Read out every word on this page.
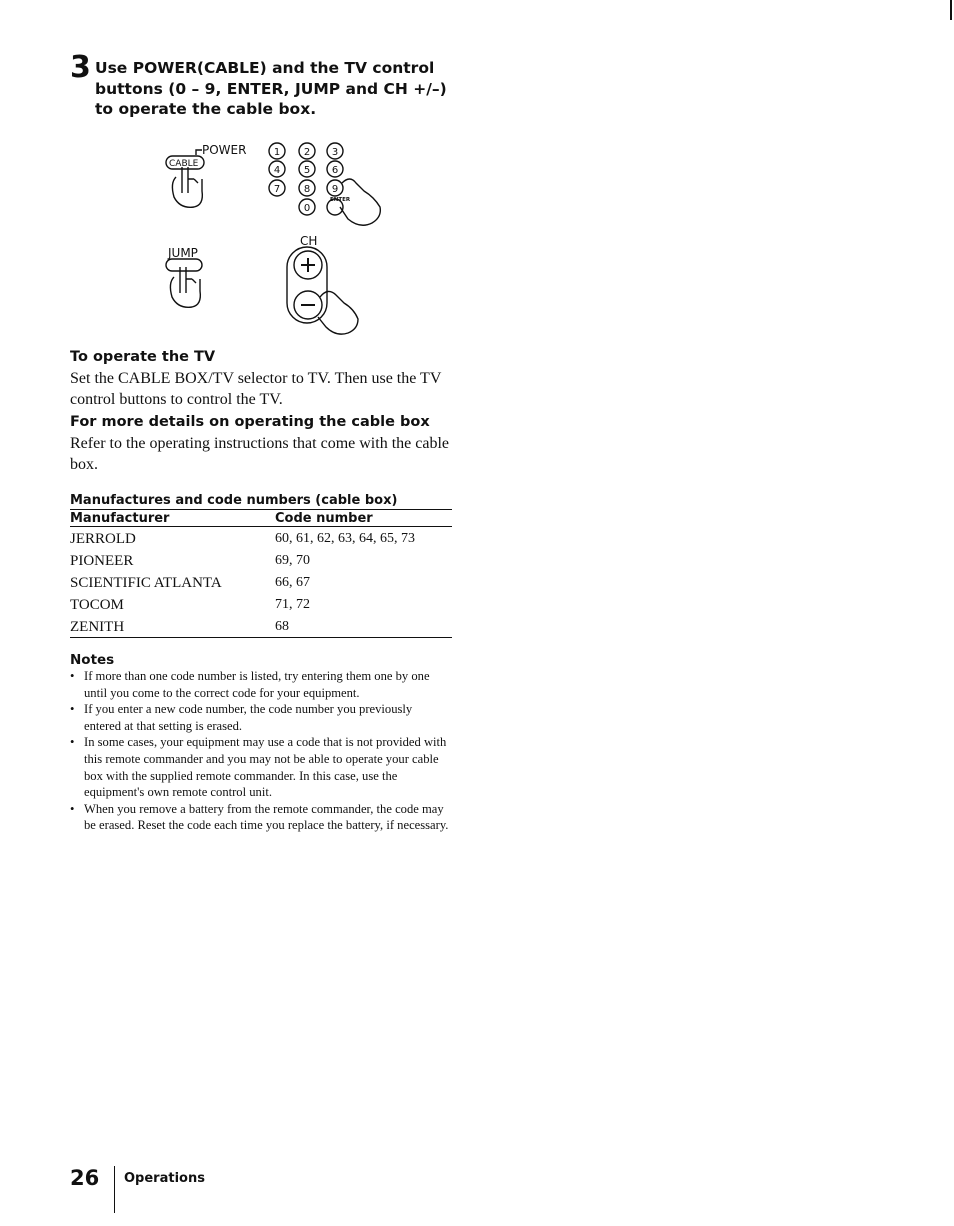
3 Use POWER(CABLE) and the TV control buttons (0 – 9, ENTER, JUMP and CH +/–) to operate the cable box.
POWER
CABLE
JUMP
CH
ENTER
1 2 3
4 5 6
7 8 9
0
To operate the TV
Set the CABLE BOX/TV selector to TV. Then use the TV control buttons to control the TV.
For more details on operating the cable box
Refer to the operating instructions that come with the cable box.
Manufactures and code numbers (cable box)
Manufacturer	Code number
JERROLD	60, 61, 62, 63, 64, 65, 73
PIONEER	69, 70
SCIENTIFIC ATLANTA	66, 67
TOCOM	71, 72
ZENITH	68
Notes
• If more than one code number is listed, try entering them one by one until you come to the correct code for your equipment.
• If you enter a new code number, the code number you previously entered at that setting is erased.
• In some cases, your equipment may use a code that is not provided with this remote commander and you may not be able to operate your cable box with the supplied remote commander. In this case, use the equipment's own remote control unit.
• When you remove a battery from the remote commander, the code may be erased. Reset the code each time you replace the battery, if necessary.
26 Operations
